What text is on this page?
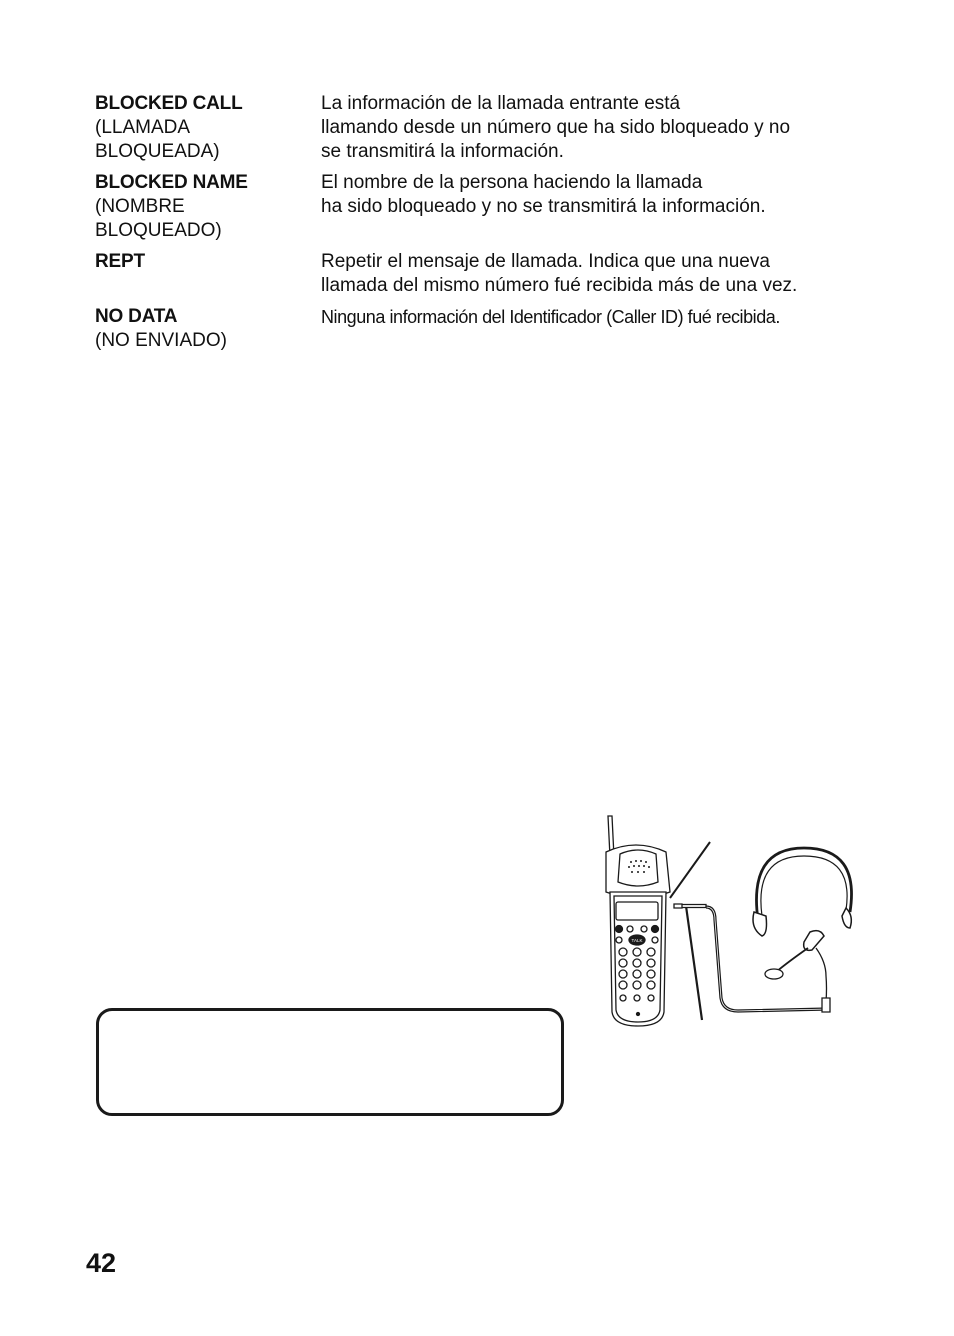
BLOCKED CALL
(LLAMADA
BLOQUEADA)
La información de la llamada entrante está
llamando desde un número que ha sido bloqueado y no
se transmitirá la información.
BLOCKED NAME
(NOMBRE
BLOQUEADO)
El nombre de la persona haciendo la llamada
ha sido bloqueado y no se transmitirá la información.
REPT	Repetir el mensaje de llamada. Indica que una nueva
llamada del mismo número fué recibida más de una vez.
NO DATA
(NO ENVIADO)
Ninguna información del Identificador (Caller ID) fué recibida.
TALK
42
